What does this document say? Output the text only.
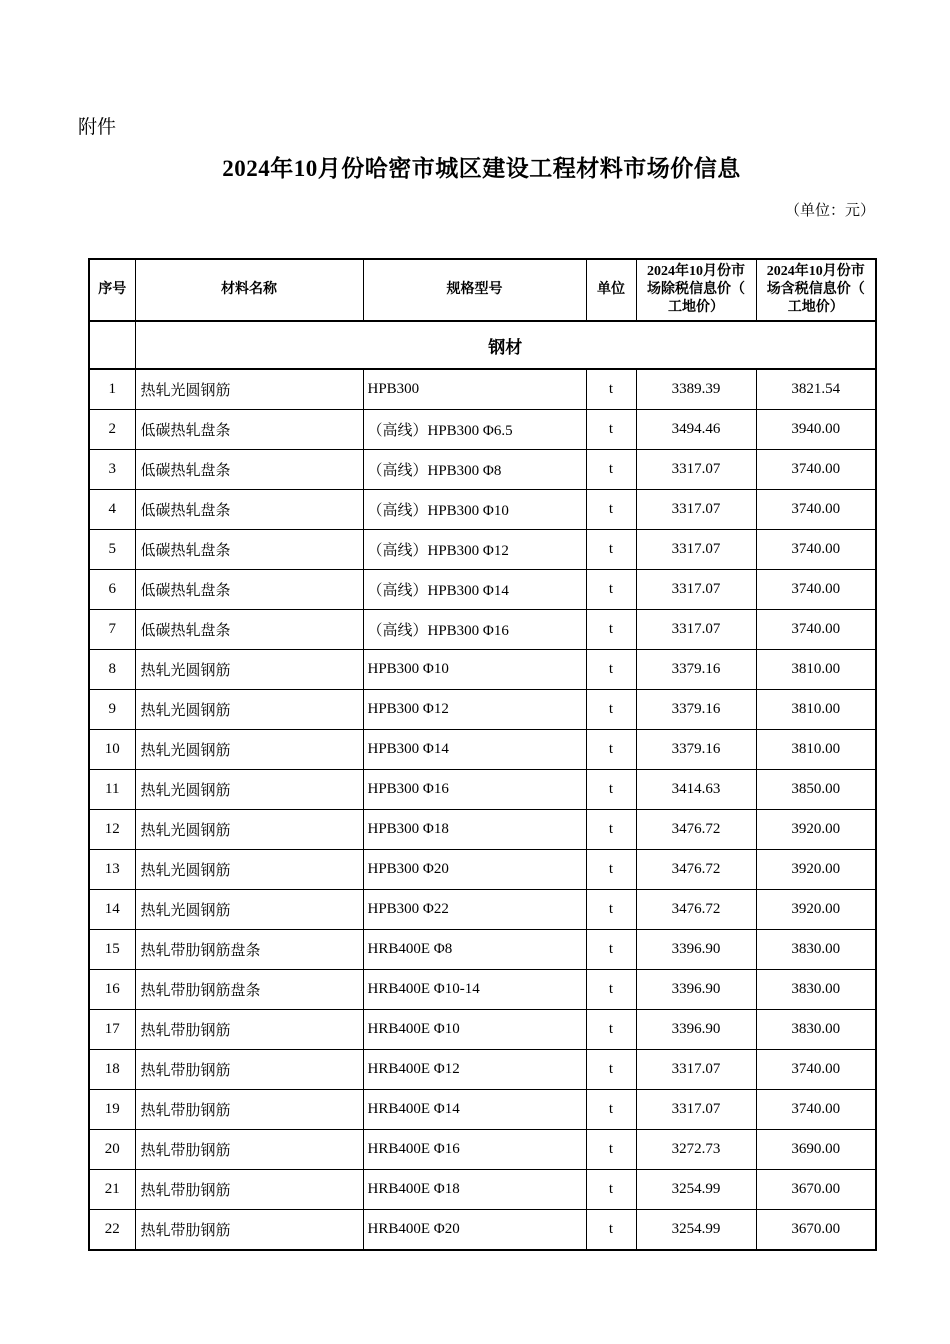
附件
2024年10月份哈密市城区建设工程材料市场价信息
（单位：元）
序号	材料名称	规格型号	单位	2024年10月份市场除税信息价（工地价）	2024年10月份市场含税信息价（工地价）
	钢材				
1	热轧光圆钢筋	HPB300	t	3389.39	3821.54
2	低碳热轧盘条	（高线）HPB300 Φ6.5	t	3494.46	3940.00
3	低碳热轧盘条	（高线）HPB300 Φ8	t	3317.07	3740.00
4	低碳热轧盘条	（高线）HPB300 Φ10	t	3317.07	3740.00
5	低碳热轧盘条	（高线）HPB300 Φ12	t	3317.07	3740.00
6	低碳热轧盘条	（高线）HPB300 Φ14	t	3317.07	3740.00
7	低碳热轧盘条	（高线）HPB300 Φ16	t	3317.07	3740.00
8	热轧光圆钢筋	HPB300 Φ10	t	3379.16	3810.00
9	热轧光圆钢筋	HPB300 Φ12	t	3379.16	3810.00
10	热轧光圆钢筋	HPB300 Φ14	t	3379.16	3810.00
11	热轧光圆钢筋	HPB300 Φ16	t	3414.63	3850.00
12	热轧光圆钢筋	HPB300 Φ18	t	3476.72	3920.00
13	热轧光圆钢筋	HPB300 Φ20	t	3476.72	3920.00
14	热轧光圆钢筋	HPB300 Φ22	t	3476.72	3920.00
15	热轧带肋钢筋盘条	HRB400E Φ8	t	3396.90	3830.00
16	热轧带肋钢筋盘条	HRB400E Φ10-14	t	3396.90	3830.00
17	热轧带肋钢筋	HRB400E Φ10	t	3396.90	3830.00
18	热轧带肋钢筋	HRB400E Φ12	t	3317.07	3740.00
19	热轧带肋钢筋	HRB400E Φ14	t	3317.07	3740.00
20	热轧带肋钢筋	HRB400E Φ16	t	3272.73	3690.00
21	热轧带肋钢筋	HRB400E Φ18	t	3254.99	3670.00
22	热轧带肋钢筋	HRB400E Φ20	t	3254.99	3670.00
